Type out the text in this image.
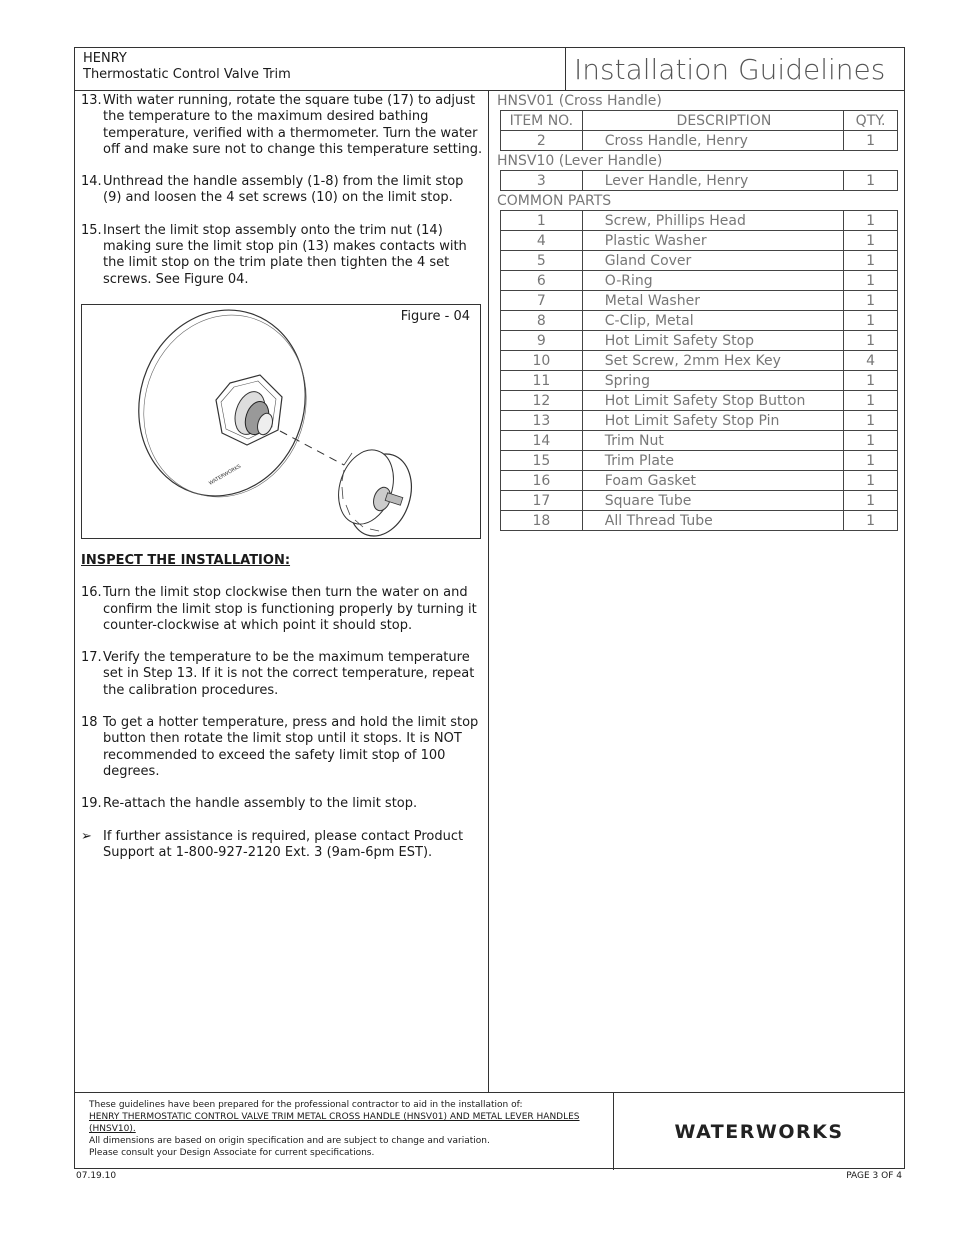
HENRY
Thermostatic Control Valve Trim	Installation Guidelines
13. With water running, rotate the square tube (17) to adjust the temperature to the maximum desired bathing temperature, verified with a thermometer. Turn the water off and make sure not to change this temperature setting.
14. Unthread the handle assembly (1-8) from the limit stop (9) and loosen the 4 set screws (10) on the limit stop.
15. Insert the limit stop assembly onto the trim nut (14) making sure the limit stop pin (13) makes contacts with the limit stop on the trim plate then tighten the 4 set screws. See Figure 04.
WATERWORKS
Figure - 04
INSPECT THE INSTALLATION:
16. Turn the limit stop clockwise then turn the water on and confirm the limit stop is functioning properly by turning it counter-clockwise at which point it should stop.
17. Verify the temperature to be the maximum temperature set in Step 13. If it is not the correct temperature, repeat the calibration procedures.
18 To get a hotter temperature, press and hold the limit stop button then rotate the limit stop until it stops. It is NOT recommended to exceed the safety limit stop of 100 degrees.
19. Re-attach the handle assembly to the limit stop.
➢ If further assistance is required, please contact Product Support at 1-800-927-2120 Ext. 3 (9am-6pm EST).
HNSV01 (Cross Handle)
ITEM NO.	DESCRIPTION	QTY.
2	Cross Handle, Henry	1
HNSV10 (Lever Handle)
3	Lever Handle, Henry	1
COMMON PARTS
1	Screw, Phillips Head	1
4	Plastic Washer	1
5	Gland Cover	1
6	O-Ring	1
7	Metal Washer	1
8	C-Clip, Metal	1
9	Hot Limit Safety Stop	1
10	Set Screw, 2mm Hex Key	4
11	Spring	1
12	Hot Limit Safety Stop Button	1
13	Hot Limit Safety Stop Pin	1
14	Trim Nut	1
15	Trim Plate	1
16	Foam Gasket	1
17	Square Tube	1
18	All Thread Tube	1
These guidelines have been prepared for the professional contractor to aid in the installation of:
HENRY THERMOSTATIC CONTROL VALVE TRIM METAL CROSS HANDLE (HNSV01) AND METAL LEVER HANDLES (HNSV10).
All dimensions are based on origin specification and are subject to change and variation.
Please consult your Design Associate for current specifications.
WATERWORKS
07.19.10	PAGE 3 OF 4
